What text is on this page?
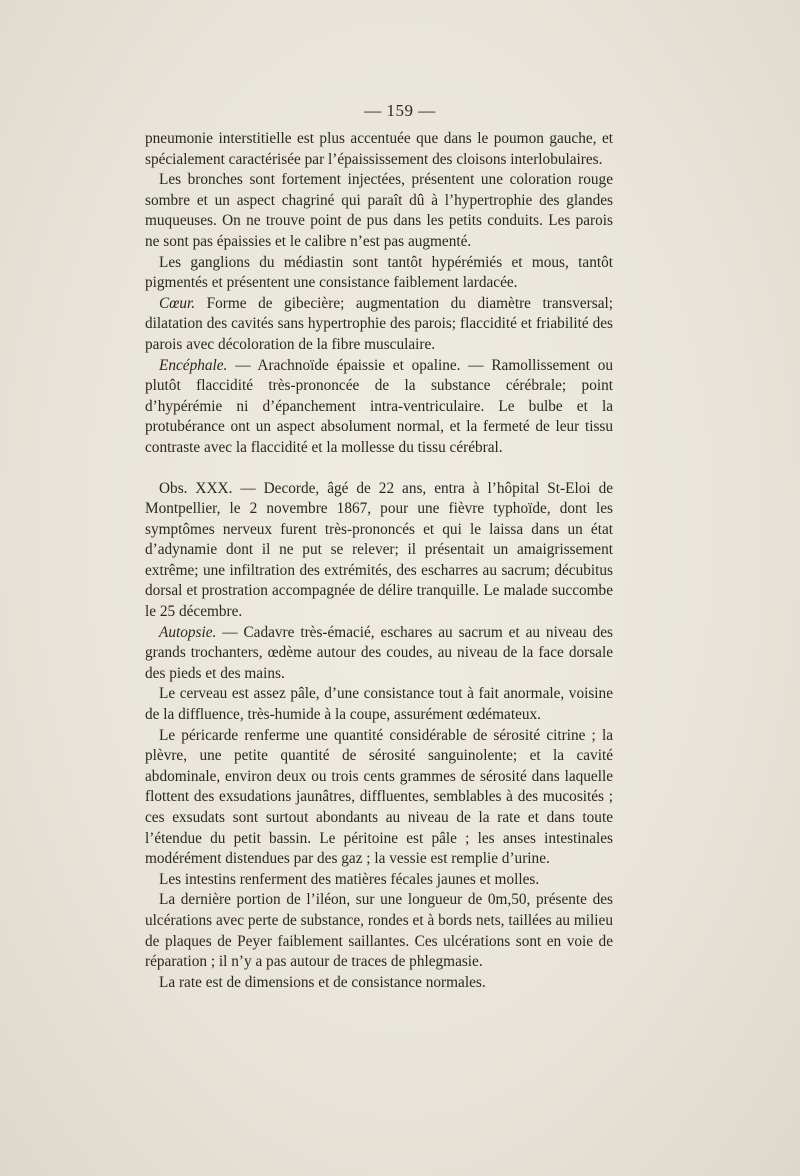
— 159 —

pneumonie interstitielle est plus accentuée que dans le poumon gauche, et spécialement caractérisée par l’épaississement des cloisons interlobulaires.

Les bronches sont fortement injectées, présentent une coloration rouge sombre et un aspect chagriné qui paraît dû à l’hypertrophie des glandes muqueuses. On ne trouve point de pus dans les petits conduits. Les parois ne sont pas épaissies et le calibre n’est pas augmenté.

Les ganglions du médiastin sont tantôt hypérémiés et mous, tantôt pigmentés et présentent une consistance faiblement lardacée.

Cœur. Forme de gibecière; augmentation du diamètre transversal; dilatation des cavités sans hypertrophie des parois; flaccidité et friabilité des parois avec décoloration de la fibre musculaire.

Encéphale. — Arachnoïde épaissie et opaline. — Ramollissement ou plutôt flaccidité très-prononcée de la substance cérébrale; point d’hypérémie ni d’épanchement intra-ventriculaire. Le bulbe et la protubérance ont un aspect absolument normal, et la fermeté de leur tissu contraste avec la flaccidité et la mollesse du tissu cérébral.

Obs. XXX. — Decorde, âgé de 22 ans, entra à l’hôpital St-Eloi de Montpellier, le 2 novembre 1867, pour une fièvre typhoïde, dont les symptômes nerveux furent très-prononcés et qui le laissa dans un état d’adynamie dont il ne put se relever; il présentait un amaigrissement extrême; une infiltration des extrémités, des escharres au sacrum; décubitus dorsal et prostration accompagnée de délire tranquille. Le malade succombe le 25 décembre.

Autopsie. — Cadavre très-émacié, eschares au sacrum et au niveau des grands trochanters, œdème autour des coudes, au niveau de la face dorsale des pieds et des mains.

Le cerveau est assez pâle, d’une consistance tout à fait anormale, voisine de la diffluence, très-humide à la coupe, assurément œdémateux.

Le péricarde renferme une quantité considérable de sérosité citrine ; la plèvre, une petite quantité de sérosité sanguinolente; et la cavité abdominale, environ deux ou trois cents grammes de sérosité dans laquelle flottent des exsudations jaunâtres, diffluentes, semblables à des mucosités ; ces exsudats sont surtout abondants au niveau de la rate et dans toute l’étendue du petit bassin. Le péritoine est pâle ; les anses intestinales modérément distendues par des gaz ; la vessie est remplie d’urine.

Les intestins renferment des matières fécales jaunes et molles.

La dernière portion de l’iléon, sur une longueur de 0m,50, présente des ulcérations avec perte de substance, rondes et à bords nets, taillées au milieu de plaques de Peyer faiblement saillantes. Ces ulcérations sont en voie de réparation ; il n’y a pas autour de traces de phlegmasie.

La rate est de dimensions et de consistance normales.
